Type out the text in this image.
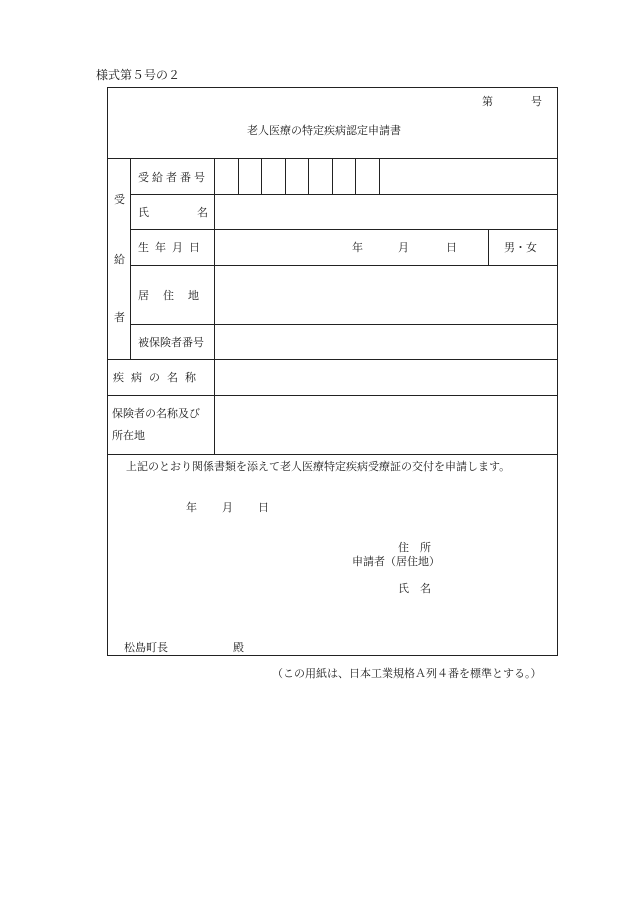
様式第５号の２
第	号
老人医療の特定疾病認定申請書
受
給
者
受給者番号
氏	名
生年月日	年	月	日	男・女
居住地
被保険者番号
疾病の名称
保険者の名称及び
所在地
上記のとおり関係書類を添えて老人医療特定疾病受療証の交付を申請します。
年 月 日
住　所
申請者（居住地）
氏　名
松島町長	殿
（この用紙は、日本工業規格Ａ列４番を標準とする。）
